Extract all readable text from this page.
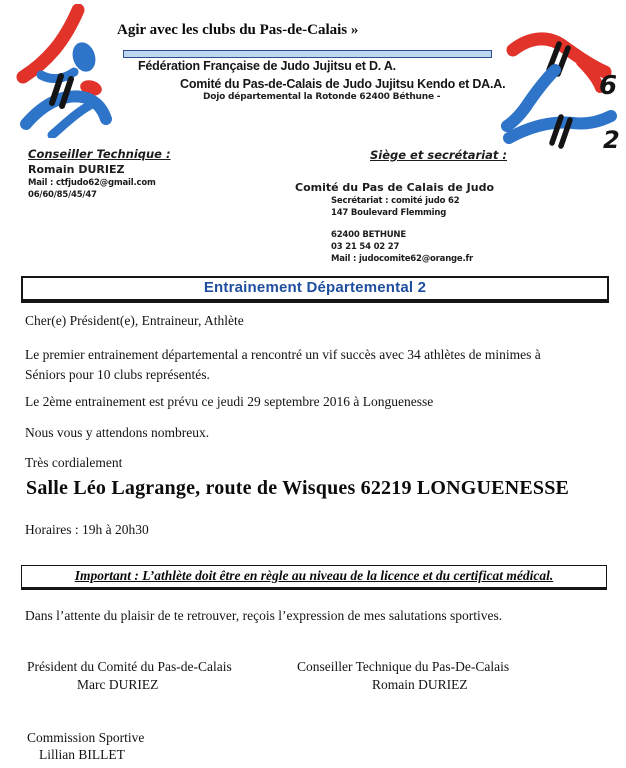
6
2
Agir avec les clubs du Pas-de-Calais »
Fédération Française de Judo Jujitsu et D. A.
Comité du Pas-de-Calais de Judo Jujitsu Kendo et DA.A.
Dojo départemental la Rotonde 62400 Béthune -
Conseiller Technique :
Romain DURIEZ
Mail : ctfjudo62@gmail.com
06/60/85/45/47
Siège et secrétariat :
Comité du Pas de Calais de Judo
Secrétariat : comité judo 62
147 Boulevard Flemming
62400 BETHUNE
03 21 54 02 27
Mail : judocomite62@orange.fr
Entrainement Départemental 2
Cher(e) Président(e), Entraineur, Athlète
Le premier entrainement départemental a rencontré un vif succès avec 34 athlètes de minimes à
Séniors pour 10 clubs représentés.
Le 2ème entrainement est prévu ce jeudi 29 septembre 2016 à Longuenesse
Nous vous y attendons nombreux.
Très cordialement
Salle Léo Lagrange, route de Wisques 62219 LONGUENESSE
Horaires : 19h à 20h30
Important : L’athlète doit être en règle au niveau de la licence et du certificat médical.
Dans l’attente du plaisir de te retrouver, reçois l’expression de mes salutations sportives.
Président du Comité du Pas-de-Calais
Marc DURIEZ
Conseiller Technique du Pas-De-Calais
Romain DURIEZ
Commission Sportive
Lillian BILLET
